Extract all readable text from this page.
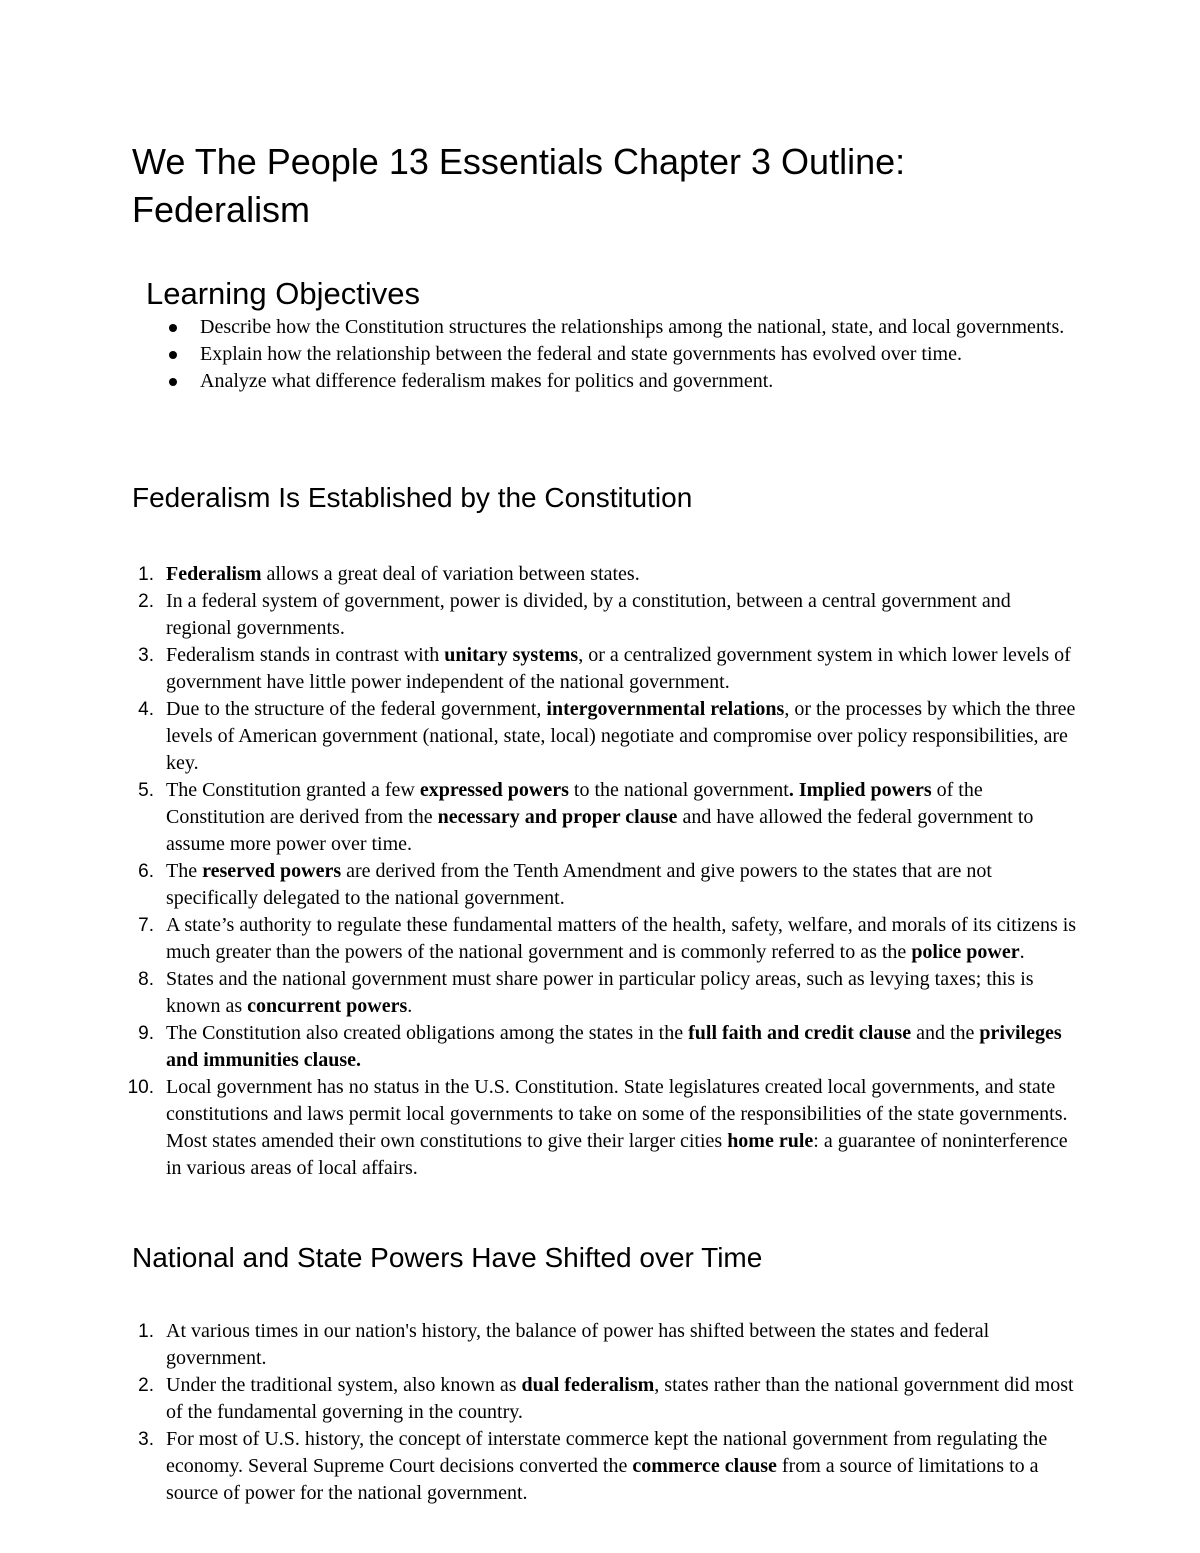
We The People 13 Essentials Chapter 3 Outline: Federalism
Learning Objectives
Describe how the Constitution structures the relationships among the national, state, and local governments.
Explain how the relationship between the federal and state governments has evolved over time.
Analyze what difference federalism makes for politics and government.
Federalism Is Established by the Constitution
1. Federalism allows a great deal of variation between states.
2. In a federal system of government, power is divided, by a constitution, between a central government and regional governments.
3. Federalism stands in contrast with unitary systems, or a centralized government system in which lower levels of government have little power independent of the national government.
4. Due to the structure of the federal government, intergovernmental relations, or the processes by which the three levels of American government (national, state, local) negotiate and compromise over policy responsibilities, are key.
5. The Constitution granted a few expressed powers to the national government. Implied powers of the Constitution are derived from the necessary and proper clause and have allowed the federal government to assume more power over time.
6. The reserved powers are derived from the Tenth Amendment and give powers to the states that are not specifically delegated to the national government.
7. A state’s authority to regulate these fundamental matters of the health, safety, welfare, and morals of its citizens is much greater than the powers of the national government and is commonly referred to as the police power.
8. States and the national government must share power in particular policy areas, such as levying taxes; this is known as concurrent powers.
9. The Constitution also created obligations among the states in the full faith and credit clause and the privileges and immunities clause.
10. Local government has no status in the U.S. Constitution. State legislatures created local governments, and state constitutions and laws permit local governments to take on some of the responsibilities of the state governments. Most states amended their own constitutions to give their larger cities home rule: a guarantee of noninterference in various areas of local affairs.
National and State Powers Have Shifted over Time
1. At various times in our nation's history, the balance of power has shifted between the states and federal government.
2. Under the traditional system, also known as dual federalism, states rather than the national government did most of the fundamental governing in the country.
3. For most of U.S. history, the concept of interstate commerce kept the national government from regulating the economy. Several Supreme Court decisions converted the commerce clause from a source of limitations to a source of power for the national government.
